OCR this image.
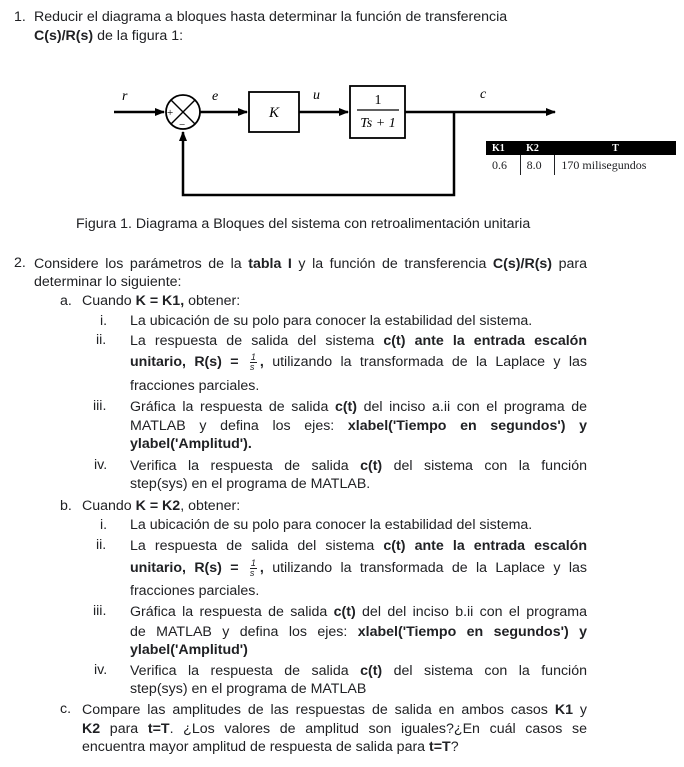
1. Reducir el diagrama a bloques hasta determinar la función de transferencia
C(s)/R(s) de la figura 1:
r
+
−
e
K
u	1
Ts + 1
c
K1	K2	T
0.6	8.0	170 milisegundos
Figura 1. Diagrama a Bloques del sistema con retroalimentación unitaria
2. Considere los parámetros de la tabla I y la función de transferencia C(s)/R(s) para
determinar lo siguiente:
a. Cuando K = K1, obtener:
i. La ubicación de su polo para conocer la estabilidad del sistema.
ii. La respuesta de salida del sistema c(t) ante la entrada escalón
unitario, $R(s) = \frac{1}{s}$ , utilizando la transformada de la Laplace y las
fracciones parciales.
iii. Gráfica la respuesta de salida c(t) del inciso a.ii con el programa de
MATLAB y defina los ejes: xlabel('Tiempo en segundos') y
ylabel('Amplitud').
iv. Verifica la respuesta de salida c(t) del sistema con la función
step(sys) en el programa de MATLAB.
b. Cuando K = K2, obtener:
i. La ubicación de su polo para conocer la estabilidad del sistema.
ii. La respuesta de salida del sistema c(t) ante la entrada escalón
unitario, $R(s) = \frac{1}{s}$ , utilizando la transformada de la Laplace y las
fracciones parciales.
iii. Gráfica la respuesta de salida c(t) del del inciso b.ii con el programa
de MATLAB y defina los ejes: xlabel('Tiempo en segundos') y
ylabel('Amplitud')
iv. Verifica la respuesta de salida c(t) del sistema con la función
step(sys) en el programa de MATLAB
c. Compare las amplitudes de las respuestas de salida en ambos casos K1 y
K2 para t=T. ¿Los valores de amplitud son iguales?¿En cuál casos se
encuentra mayor amplitud de respuesta de salida para t=T?
